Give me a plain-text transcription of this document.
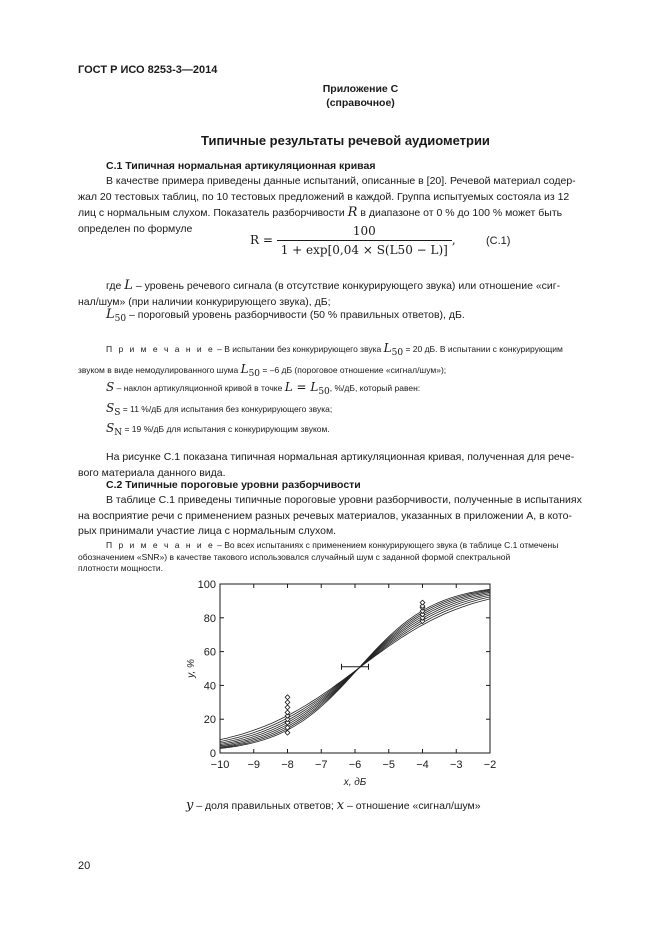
ГОСТ Р ИСО 8253-3—2014
Приложение С
(справочное)
Типичные результаты речевой аудиометрии
С.1 Типичная нормальная артикуляционная кривая
В качестве примера приведены данные испытаний, описанные в [20]. Речевой материал содер-
жал 20 тестовых таблиц, по 10 тестовых предложений в каждой. Группа испытуемых состояла из 12
лиц с нормальным слухом. Показатель разборчивости R в диапазоне от 0 % до 100 % может быть
определен по формуле
$R = \frac{100}{1 + \exp[0,04 \times S(L50 - L)]}$ ,	(С.1)
где L – уровень речевого сигнала (в отсутствие конкурирующего звука) или отношение «сиг-
нал/шум» (при наличии конкурирующего звука), дБ;
L50 – пороговый уровень разборчивости (50 % правильных ответов), дБ.
П р и м е ч а н и е – В испытании без конкурирующего звука L50 = 20 дБ. В испытании с конкурирующим
звуком в виде немодулированного шума L50 = –6 дБ (пороговое отношение «сигнал/шум»);
S – наклон артикуляционной кривой в точке L = L50, %/дБ, который равен:
SS = 11 %/дБ для испытания без конкурирующего звука;
SN = 19 %/дБ для испытания с конкурирующим звуком.
На рисунке С.1 показана типичная нормальная артикуляционная кривая, полученная для рече-
вого материала данного вида.
С.2 Типичные пороговые уровни разборчивости
В таблице С.1 приведены типичные пороговые уровни разборчивости, полученные в испытаниях
на восприятие речи с применением разных речевых материалов, указанных в приложении А, в кото-
рых принимали участие лица с нормальным слухом.
П р и м е ч а н и е – Во всех испытаниях с применением конкурирующего звука (в таблице С.1 отмечены
обозначением «SNR») в качестве такового использовался случайный шум с заданной формой спектральной
плотности мощности.
−10 −9 −8 −7 −6 −5 −4 −3 −2
0
20
40
60
80
100
x, дБ
y, %
y – доля правильных ответов; x – отношение «сигнал/шум»
20
